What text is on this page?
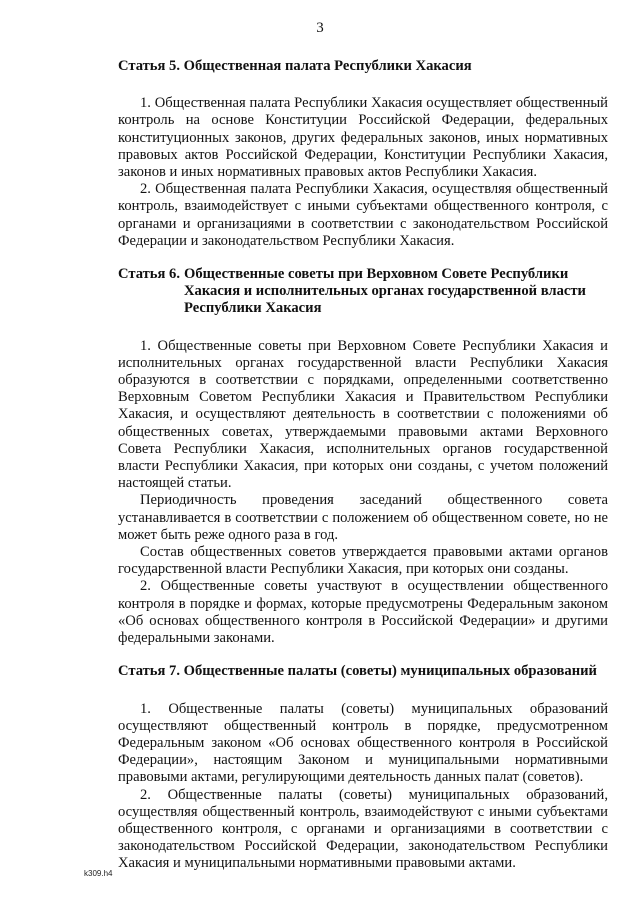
3

Статья 5.
Общественная палата Республики Хакасия

1. Общественная палата Республики Хакасия осуществляет общественный контроль на основе Конституции Российской Федерации, федеральных конституционных законов, других федеральных законов, иных нормативных правовых актов Российской Федерации, Конституции Республики Хакасия, законов и иных нормативных правовых актов Республики Хакасия.

2. Общественная палата Республики Хакасия, осуществляя общественный контроль, взаимодействует с иными субъектами общественного контроля, с органами и организациями в соответствии с законодательством Российской Федерации и законодательством Республики Хакасия.

Статья 6. Общественные советы при Верховном Совете Республики Хакасия и исполнительных органах государственной власти Республики Хакасия

1. Общественные советы при Верховном Совете Республики Хакасия и исполнительных органах государственной власти Республики Хакасия образуются в соответствии с порядками, определенными соответственно Верховным Советом Республики Хакасия и Правительством Республики Хакасия, и осуществляют деятельность в соответствии с положениями об общественных советах, утверждаемыми правовыми актами Верховного Совета Республики Хакасия, исполнительных органов государственной власти Республики Хакасия, при которых они созданы, с учетом положений настоящей статьи.

Периодичность проведения заседаний общественного совета устанавливается в соответствии с положением об общественном совете, но не может быть реже одного раза в год.

Состав общественных советов утверждается правовыми актами органов государственной власти Республики Хакасия, при которых они созданы.

2. Общественные советы участвуют в осуществлении общественного контроля в порядке и формах, которые предусмотрены Федеральным законом «Об основах общественного контроля в Российской Федерации» и другими федеральными законами.

Статья 7.
Общественные палаты (советы) муниципальных образований

1. Общественные палаты (советы) муниципальных образований осуществляют общественный контроль в порядке, предусмотренном Федеральным законом «Об основах общественного контроля в Российской Федерации», настоящим Законом и муниципальными нормативными правовыми актами, регулирующими деятельность данных палат (советов).

2. Общественные палаты (советы) муниципальных образований, осуществляя общественный контроль, взаимодействуют с иными субъектами общественного контроля, с органами и организациями в соответствии с законодательством Российской Федерации, законодательством Республики Хакасия и муниципальными нормативными правовыми актами.

k309.h4
